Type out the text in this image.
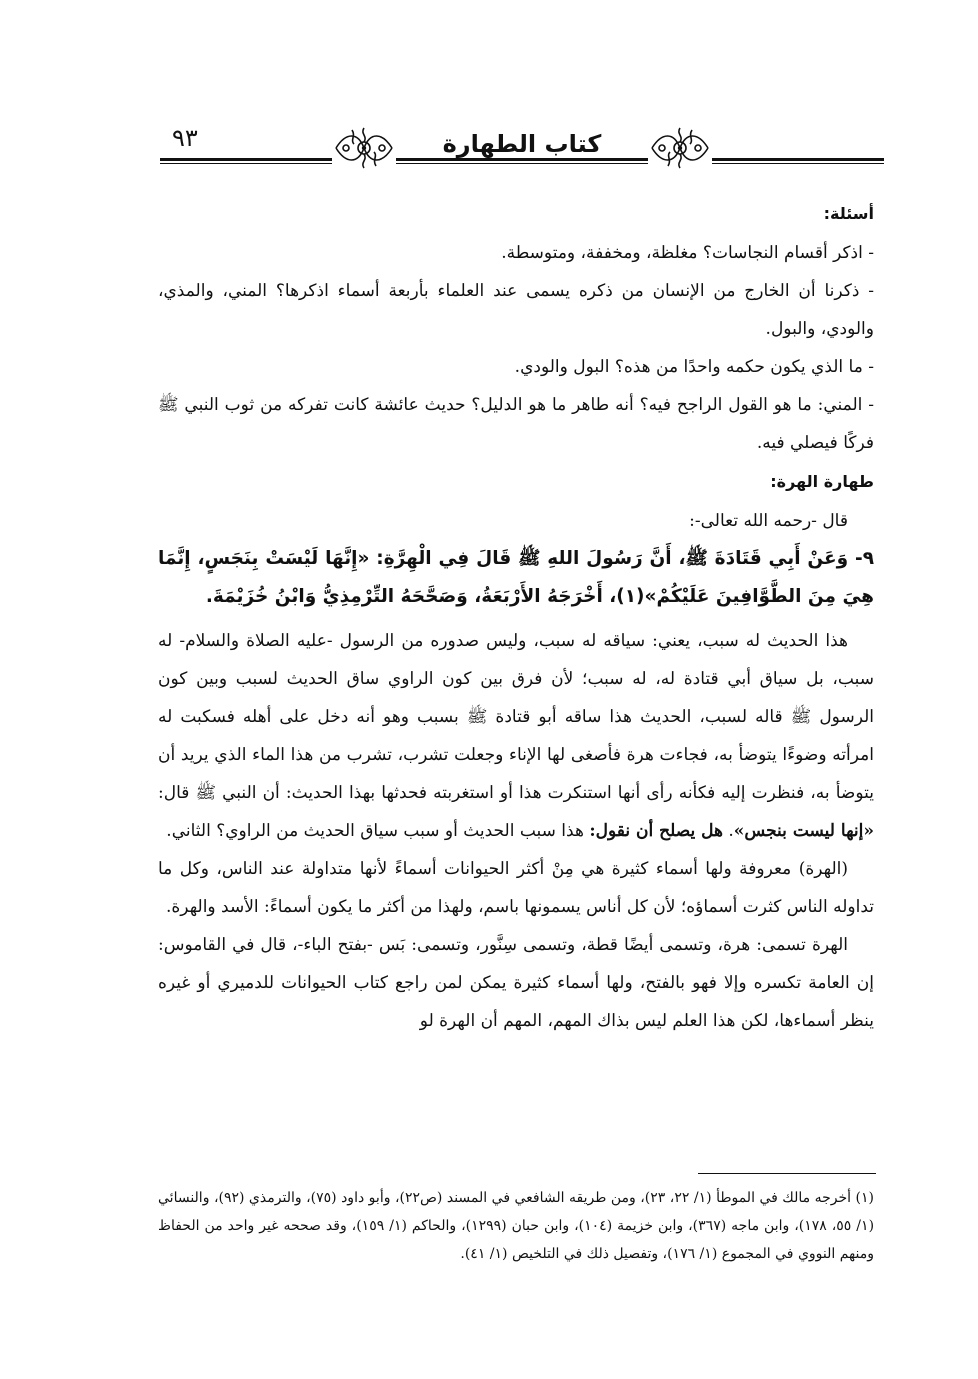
٩٣	كتاب الطهارة

أسئلة:

- اذكر أقسام النجاسات؟ مغلظة، ومخففة، ومتوسطة.

- ذكرنا أن الخارج من الإنسان من ذكره يسمى عند العلماء بأربعة أسماء اذكرها؟ المني، والمذي، والودي، والبول.

- ما الذي يكون حكمه واحدًا من هذه؟ البول والودي.

- المني: ما هو القول الراجح فيه؟ أنه طاهر ما هو الدليل؟ حديث عائشة كانت تفركه من ثوب النبي ﷺ فركًا فيصلي فيه.

طهارة الهرة:

قال -رحمه الله تعالى-:

٩- وَعَنْ أَبِي قَتَادَةَ ﷺ، أَنَّ رَسُولَ اللهِ ﷺ قَالَ فِي الْهِرَّةِ: «إِنَّهَا لَيْسَتْ بِنَجَسٍ، إِنَّمَا هِيَ مِنَ الطَّوَّافِينَ عَلَيْكُمْ»(١)، أَخْرَجَهُ الأَرْبَعَةُ، وَصَحَّحَهُ التِّرْمِذِيُّ وَابْنُ خُزَيْمَةَ.

هذا الحديث له سبب، يعني: سياقه له سبب، وليس صدوره من الرسول -عليه الصلاة والسلام- له سبب، بل سياق أبي قتادة له، له سبب؛ لأن فرق بين كون الراوي ساق الحديث لسبب وبين كون الرسول ﷺ قاله لسبب، الحديث هذا ساقه أبو قتادة ﷺ بسبب وهو أنه دخل على أهله فسكبت له امرأته وضوءًا يتوضأ به، فجاءت هرة فأصغى لها الإناء وجعلت تشرب، تشرب من هذا الماء الذي يريد أن يتوضأ به، فنظرت إليه فكأنه رأى أنها استنكرت هذا أو استغربته فحدثها بهذا الحديث: أن النبي ﷺ قال: «إنها ليست بنجس». هل يصلح أن نقول: هذا سبب الحديث أو سبب سياق الحديث من الراوي؟ الثاني.

(الهرة) معروفة ولها أسماء كثيرة هي مِنْ أكثر الحيوانات أسماءً لأنها متداولة عند الناس، وكل ما تداوله الناس كثرت أسماؤه؛ لأن كل أناس يسمونها باسم، ولهذا من أكثر ما يكون أسماءً: الأسد والهرة.

الهرة تسمى: هرة، وتسمى أيضًا قطة، وتسمى سِنَّور، وتسمى: بَس -بفتح الباء-، قال في القاموس: إن العامة تكسره وإلا فهو بالفتح، ولها أسماء كثيرة يمكن لمن راجع كتاب الحيوانات للدميري أو غيره ينظر أسماءها، لكن هذا العلم ليس بذاك المهم، المهم أن الهرة لو

(١) أخرجه مالك في الموطأ (١/ ٢٢، ٢٣)، ومن طريقه الشافعي في المسند (ص٢٢)، وأبو داود (٧٥)، والترمذي (٩٢)، والنسائي (١/ ٥٥، ١٧٨)، وابن ماجه (٣٦٧)، وابن خزيمة (١٠٤)، وابن حبان (١٢٩٩)، والحاكم (١/ ١٥٩)، وقد صححه غير واحد من الحفاظ ومنهم النووي في المجموع (١/ ١٧٦)، وتفصيل ذلك في التلخيص (١/ ٤١).
